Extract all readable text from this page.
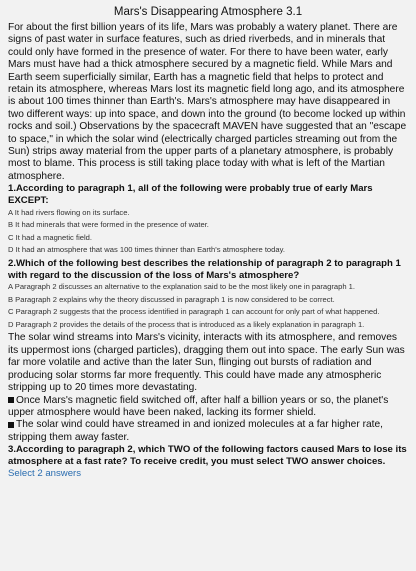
Mars's Disappearing Atmosphere 3.1

For about the first billion years of its life, Mars was probably a watery planet. There are signs of past water in surface features, such as dried riverbeds, and in minerals that could only have formed in the presence of water. For there to have been water, early Mars must have had a thick atmosphere secured by a magnetic field. While Mars and Earth seem superficially similar, Earth has a magnetic field that helps to protect and retain its atmosphere, whereas Mars lost its magnetic field long ago, and its atmosphere is about 100 times thinner than Earth's. Mars's atmosphere may have disappeared in two different ways: up into space, and down into the ground (to become locked up within rocks and soil.) Observations by the spacecraft MAVEN have suggested that an "escape to space," in which the solar wind (electrically charged particles streaming out from the Sun) strips away material from the upper parts of a planetary atmosphere, is probably most to blame. This process is still taking place today with what is left of the Martian atmosphere.

1.According to paragraph 1, all of the following were probably true of early Mars EXCEPT:

A It had rivers flowing on its surface.
B It had minerals that were formed in the presence of water.
C It had a magnetic field.
D It had an atmosphere that was 100 times thinner than Earth's atmosphere today.

2.Which of the following best describes the relationship of paragraph 2 to paragraph 1 with regard to the discussion of the loss of Mars's atmosphere?

A Paragraph 2 discusses an alternative to the explanation said to be the most likely one in paragraph 1.
B Paragraph 2 explains why the theory discussed in paragraph 1 is now considered to be correct.
C Paragraph 2 suggests that the process identified in paragraph 1 can account for only part of what happened.
D Paragraph 2 provides the details of the process that is introduced as a likely explanation in paragraph 1.

The solar wind streams into Mars's vicinity, interacts with its atmosphere, and removes its uppermost ions (charged particles), dragging them out into space. The early Sun was far more volatile and active than the later Sun, flinging out bursts of radiation and producing solar storms far more frequently. This could have made any atmospheric stripping up to 20 times more devastating.

Once Mars's magnetic field switched off, after half a billion years or so, the planet's upper atmosphere would have been naked, lacking its former shield.

The solar wind could have streamed in and ionized molecules at a far higher rate, stripping them away faster.

3.According to paragraph 2, which TWO of the following factors caused Mars to lose its atmosphere at a fast rate? To receive credit, you must select TWO answer choices. Select 2 answers
